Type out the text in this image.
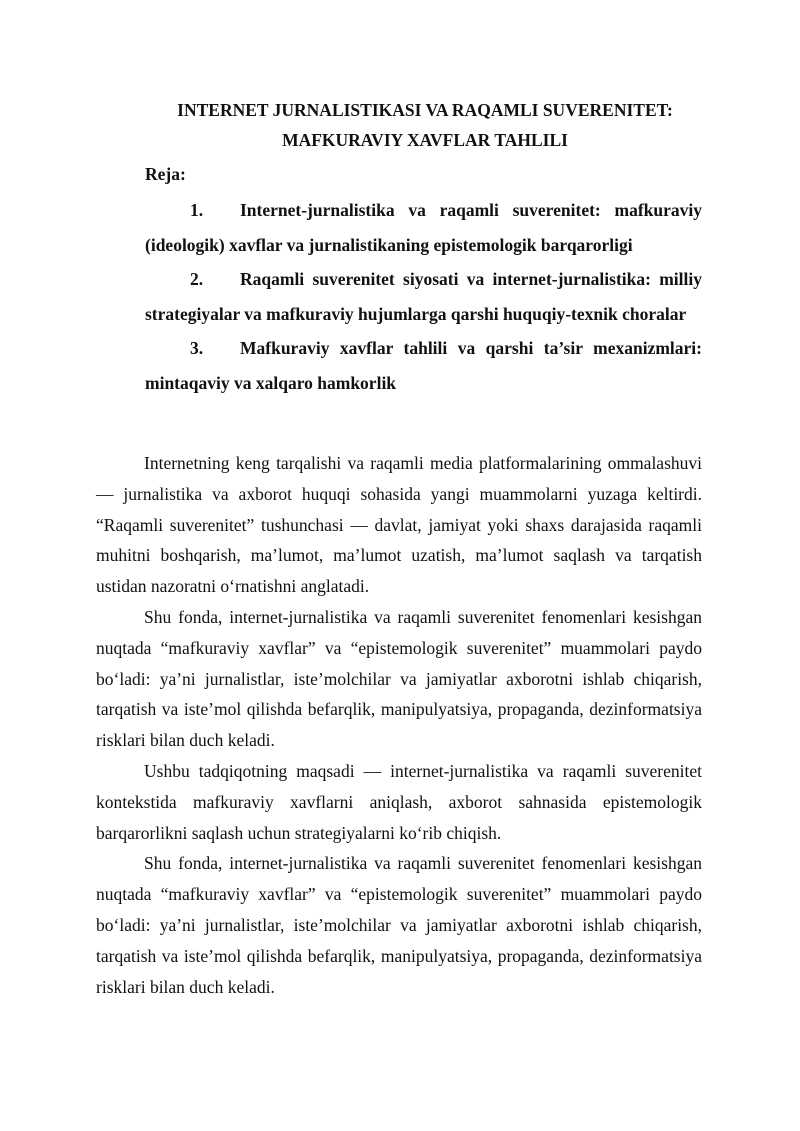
INTERNET JURNALISTIKASI VA RAQAMLI SUVERENITET:
MAFKURAVIY XAVFLAR TAHLILI
Reja:

1. Internet-jurnalistika va raqamli suverenitet: mafkuraviy (ideologik) xavflar va jurnalistikaning epistemologik barqarorligi

2. Raqamli suverenitet siyosati va internet-jurnalistika: milliy strategiyalar va mafkuraviy hujumlarga qarshi huquqiy-texnik choralar

3. Mafkuraviy xavflar tahlili va qarshi ta’sir mexanizmlari: mintaqaviy va xalqaro hamkorlik

Internetning keng tarqalishi va raqamli media platformalarining ommalashuvi — jurnalistika va axborot huquqi sohasida yangi muammolarni yuzaga keltirdi. “Raqamli suverenitet” tushunchasi — davlat, jamiyat yoki shaxs darajasida raqamli muhitni boshqarish, ma’lumot, ma’lumot uzatish, ma’lumot saqlash va tarqatish ustidan nazoratni o‘rnatishni anglatadi.

Shu fonda, internet-jurnalistika va raqamli suverenitet fenomenlari kesishgan nuqtada “mafkuraviy xavflar” va “epistemologik suverenitet” muammolari paydo bo‘ladi: ya’ni jurnalistlar, iste’molchilar va jamiyatlar axborotni ishlab chiqarish, tarqatish va iste’mol qilishda befarqlik, manipulyatsiya, propaganda, dezinformatsiya risklari bilan duch keladi.

Ushbu tadqiqotning maqsadi — internet-jurnalistika va raqamli suverenitet kontekstida mafkuraviy xavflarni aniqlash, axborot sahnasida epistemologik barqarorlikni saqlash uchun strategiyalarni ko‘rib chiqish.

Shu fonda, internet-jurnalistika va raqamli suverenitet fenomenlari kesishgan nuqtada “mafkuraviy xavflar” va “epistemologik suverenitet” muammolari paydo bo‘ladi: ya’ni jurnalistlar, iste’molchilar va jamiyatlar axborotni ishlab chiqarish, tarqatish va iste’mol qilishda befarqlik, manipulyatsiya, propaganda, dezinformatsiya risklari bilan duch keladi.
